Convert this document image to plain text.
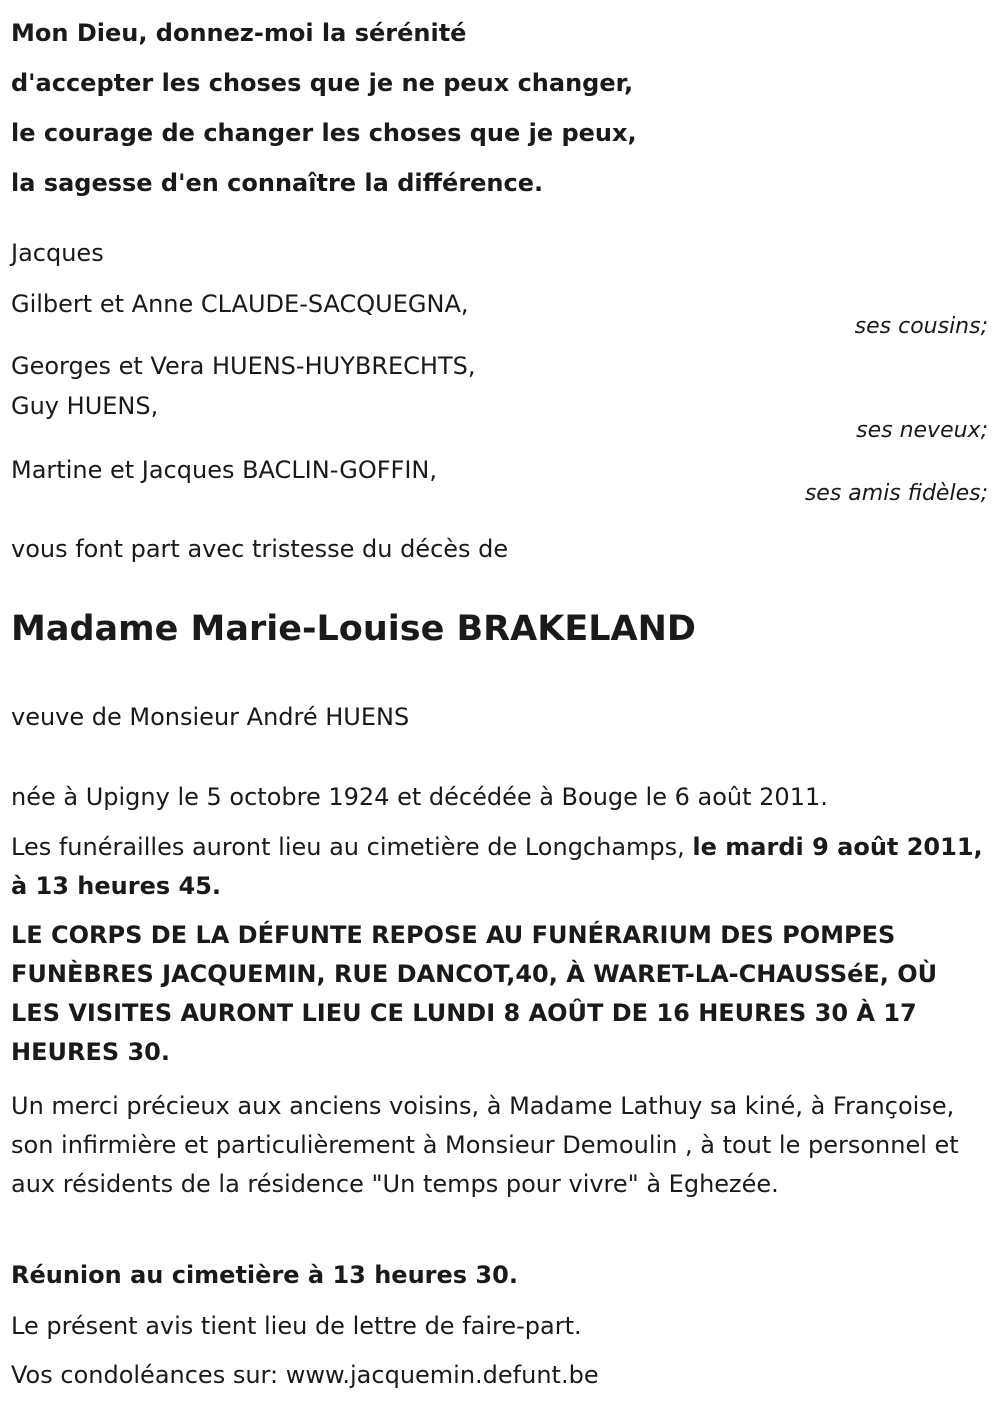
Mon Dieu, donnez-moi la sérénité
d'accepter les choses que je ne peux changer,
le courage de changer les choses que je peux,
la sagesse d'en connaître la différence.
Jacques
Gilbert et Anne CLAUDE-SACQUEGNA,
ses cousins;
Georges et Vera HUENS-HUYBRECHTS,
Guy HUENS,
ses neveux;
Martine et Jacques BACLIN-GOFFIN,
ses amis fidèles;
vous font part avec tristesse du décès de
Madame Marie-Louise BRAKELAND
veuve de Monsieur André HUENS
née à Upigny le 5 octobre 1924 et décédée à Bouge le 6 août 2011.
Les funérailles auront lieu au cimetière de Longchamps, le mardi 9 août 2011, à 13 heures 45.
LE CORPS DE LA DÉFUNTE REPOSE AU FUNÉRARIUM DES POMPES FUNÈBRES JACQUEMIN, RUE DANCOT,40, À WARET-LA-CHAUSSéE, OÙ LES VISITES AURONT LIEU CE LUNDI 8 AOÛT DE 16 HEURES 30 À 17 HEURES 30.
Un merci précieux aux anciens voisins, à Madame Lathuy sa kiné, à Françoise, son infirmière et particulièrement à Monsieur Demoulin , à tout le personnel et aux résidents de la résidence "Un temps pour vivre" à Eghezée.
Réunion au cimetière à 13 heures 30.
Le présent avis tient lieu de lettre de faire-part.
Vos condoléances sur: www.jacquemin.defunt.be
